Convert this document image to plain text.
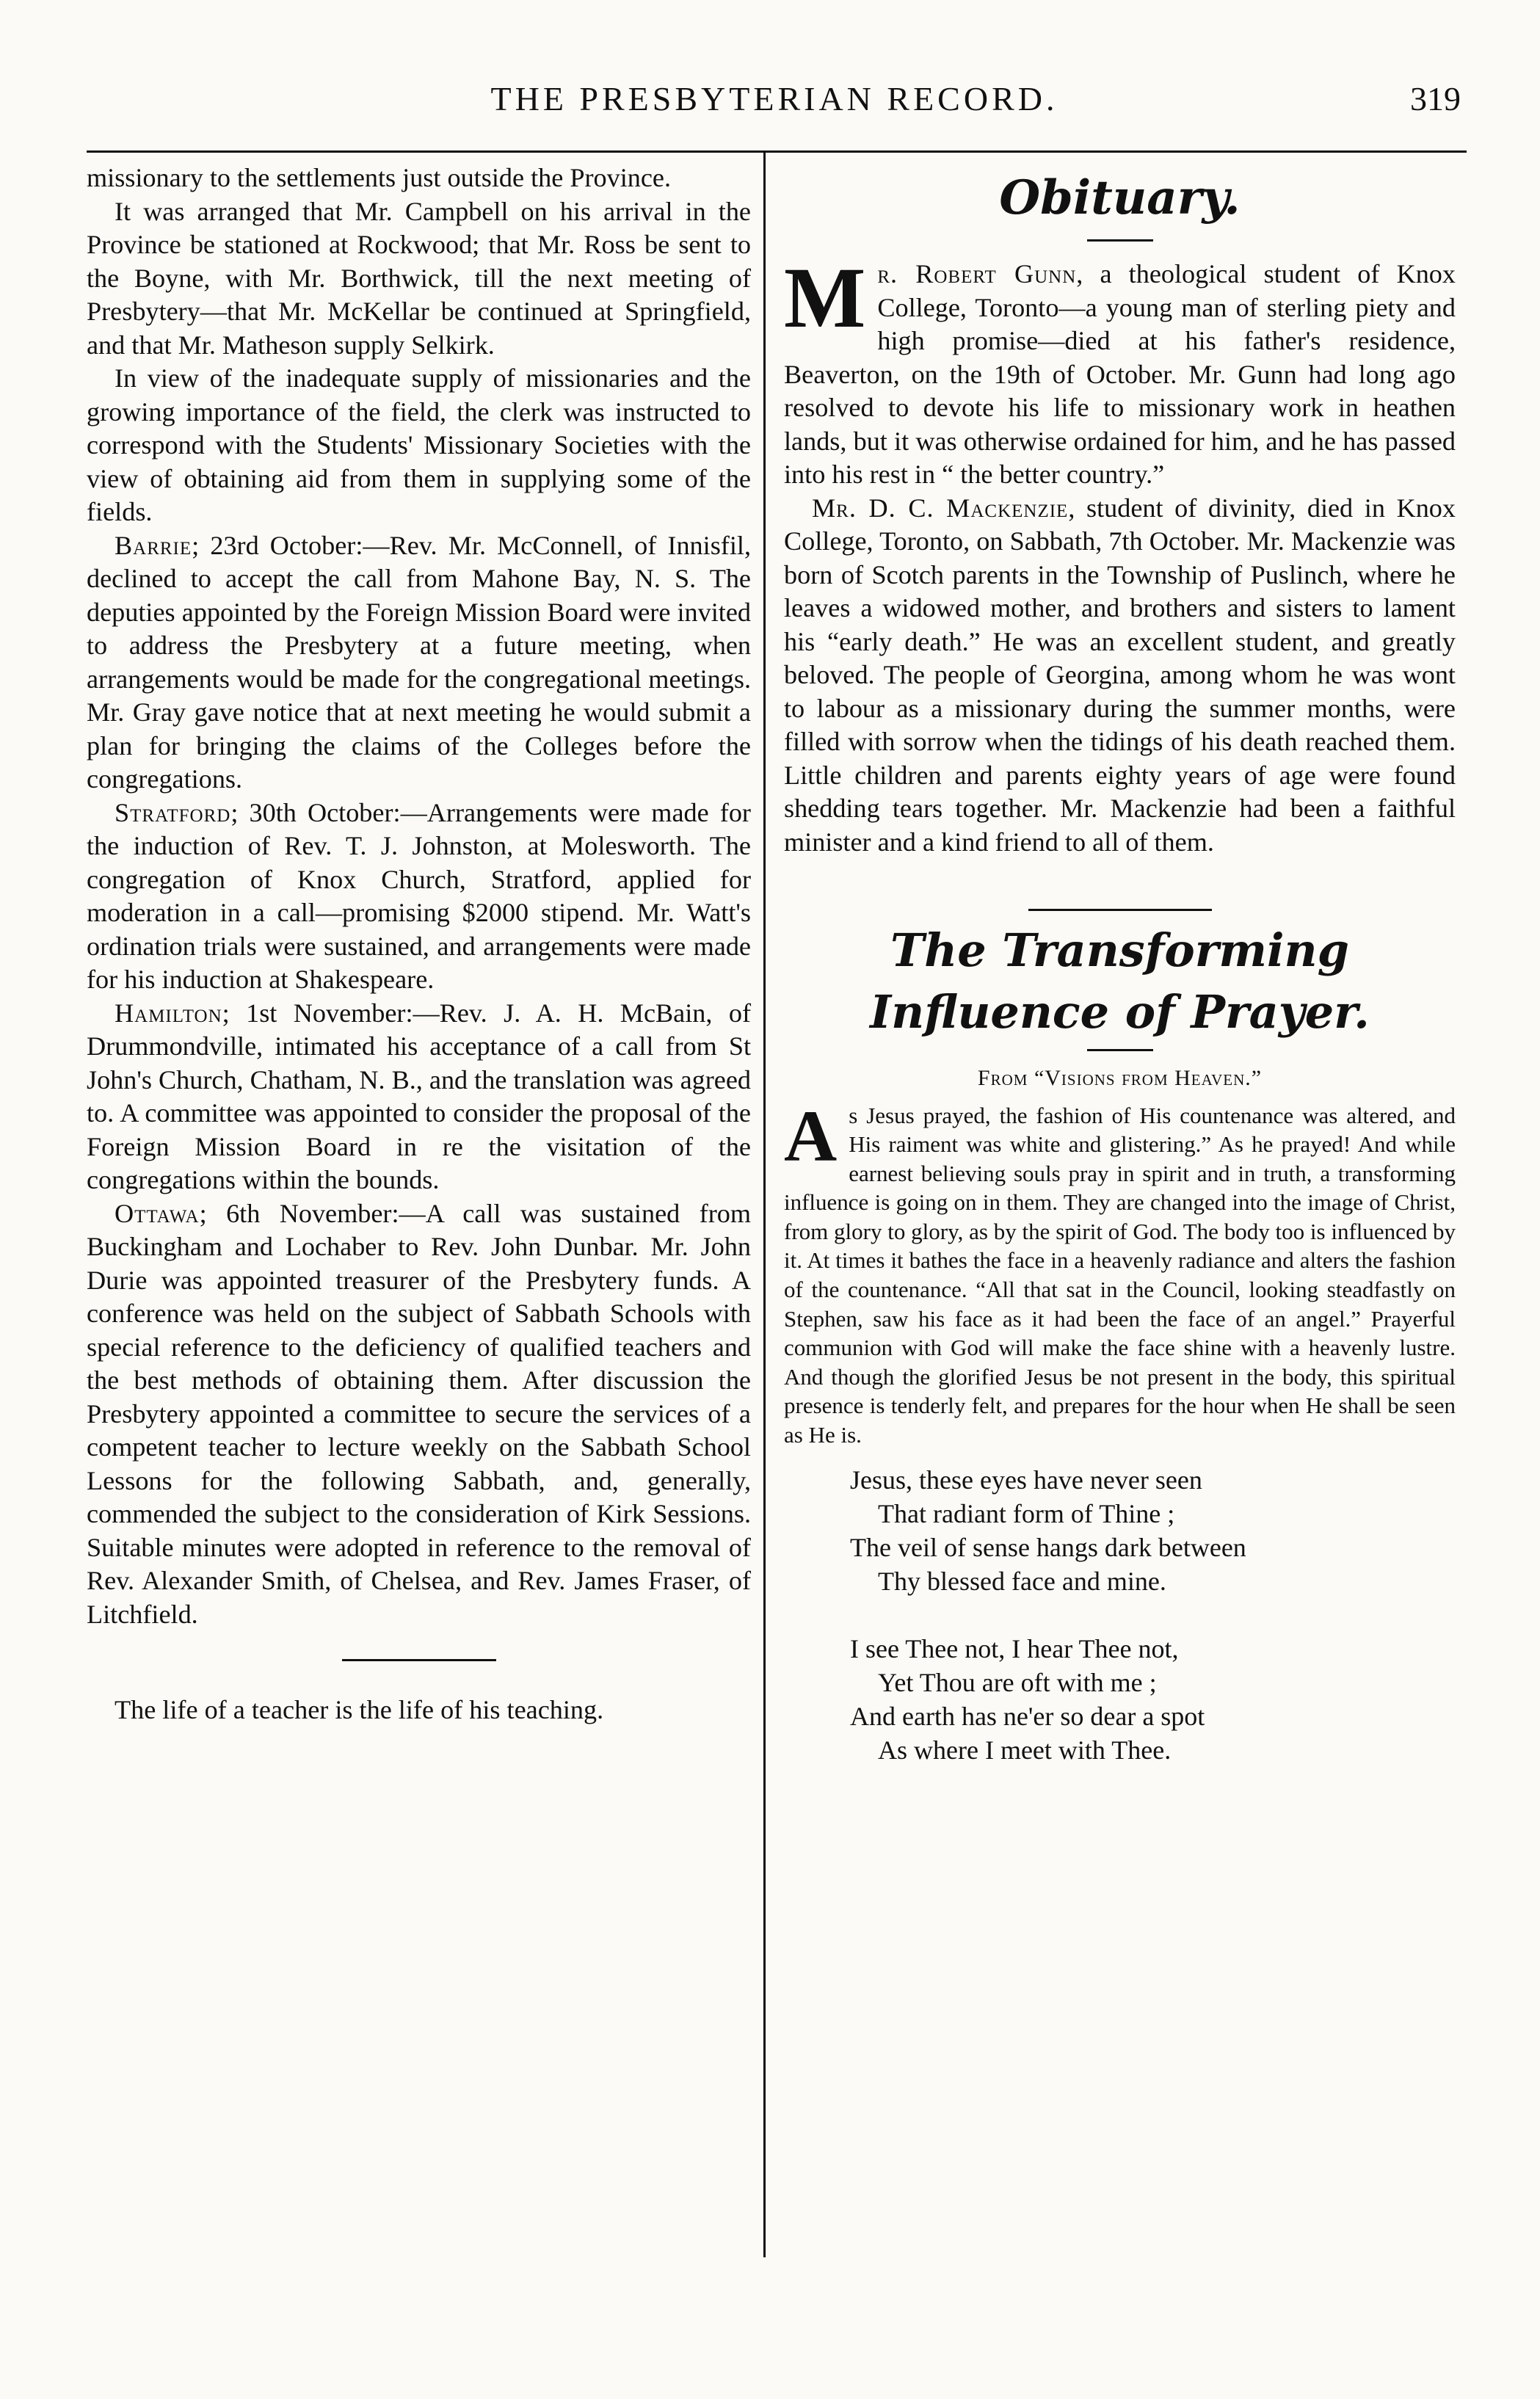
THE PRESBYTERIAN RECORD.	319

missionary to the settlements just outside the Province.

It was arranged that Mr. Campbell on his arrival in the Province be stationed at Rockwood; that Mr. Ross be sent to the Boyne, with Mr. Borthwick, till the next meeting of Presbytery—that Mr. McKellar be continued at Springfield, and that Mr. Matheson supply Selkirk.

In view of the inadequate supply of missionaries and the growing importance of the field, the clerk was instructed to correspond with the Students' Missionary Societies with the view of obtaining aid from them in supplying some of the fields.

Barrie; 23rd October:—Rev. Mr. McConnell, of Innisfil, declined to accept the call from Mahone Bay, N. S. The deputies appointed by the Foreign Mission Board were invited to address the Presbytery at a future meeting, when arrangements would be made for the congregational meetings. Mr. Gray gave notice that at next meeting he would submit a plan for bringing the claims of the Colleges before the congregations.

Stratford; 30th October:—Arrangements were made for the induction of Rev. T. J. Johnston, at Molesworth. The congregation of Knox Church, Stratford, applied for moderation in a call—promising $2000 stipend. Mr. Watt's ordination trials were sustained, and arrangements were made for his induction at Shakespeare.

Hamilton; 1st November:—Rev. J. A. H. McBain, of Drummondville, intimated his acceptance of a call from St John's Church, Chatham, N. B., and the translation was agreed to. A committee was appointed to consider the proposal of the Foreign Mission Board in re the visitation of the congregations within the bounds.

Ottawa; 6th November:—A call was sustained from Buckingham and Lochaber to Rev. John Dunbar. Mr. John Durie was appointed treasurer of the Presbytery funds. A conference was held on the subject of Sabbath Schools with special reference to the deficiency of qualified teachers and the best methods of obtaining them. After discussion the Presbytery appointed a committee to secure the services of a competent teacher to lecture weekly on the Sabbath School Lessons for the following Sabbath, and, generally, commended the subject to the consideration of Kirk Sessions. Suitable minutes were adopted in reference to the removal of Rev. Alexander Smith, of Chelsea, and Rev. James Fraser, of Litchfield.

The life of a teacher is the life of his teaching.

Obituary.

Mr. Robert Gunn, a theological student of Knox College, Toronto—a young man of sterling piety and high promise—died at his father's residence, Beaverton, on the 19th of October. Mr. Gunn had long ago resolved to devote his life to missionary work in heathen lands, but it was otherwise ordained for him, and he has passed into his rest in “ the better country.”

Mr. D. C. Mackenzie, student of divinity, died in Knox College, Toronto, on Sabbath, 7th October. Mr. Mackenzie was born of Scotch parents in the Township of Puslinch, where he leaves a widowed mother, and brothers and sisters to lament his “early death.” He was an excellent student, and greatly beloved. The people of Georgina, among whom he was wont to labour as a missionary during the summer months, were filled with sorrow when the tidings of his death reached them. Little children and parents eighty years of age were found shedding tears together. Mr. Mackenzie had been a faithful minister and a kind friend to all of them.

The Transforming Influence of Prayer.
From “Visions from Heaven.”

As Jesus prayed, the fashion of His countenance was altered, and His raiment was white and glistering.” As he prayed! And while earnest believing souls pray in spirit and in truth, a transforming influence is going on in them. They are changed into the image of Christ, from glory to glory, as by the spirit of God. The body too is influenced by it. At times it bathes the face in a heavenly radiance and alters the fashion of the countenance. “All that sat in the Council, looking steadfastly on Stephen, saw his face as it had been the face of an angel.” Prayerful communion with God will make the face shine with a heavenly lustre. And though the glorified Jesus be not present in the body, this spiritual presence is tenderly felt, and prepares for the hour when He shall be seen as He is.

Jesus, these eyes have never seen
That radiant form of Thine ;
The veil of sense hangs dark between
Thy blessed face and mine.
I see Thee not, I hear Thee not,
Yet Thou are oft with me ;
And earth has ne'er so dear a spot
As where I meet with Thee.
